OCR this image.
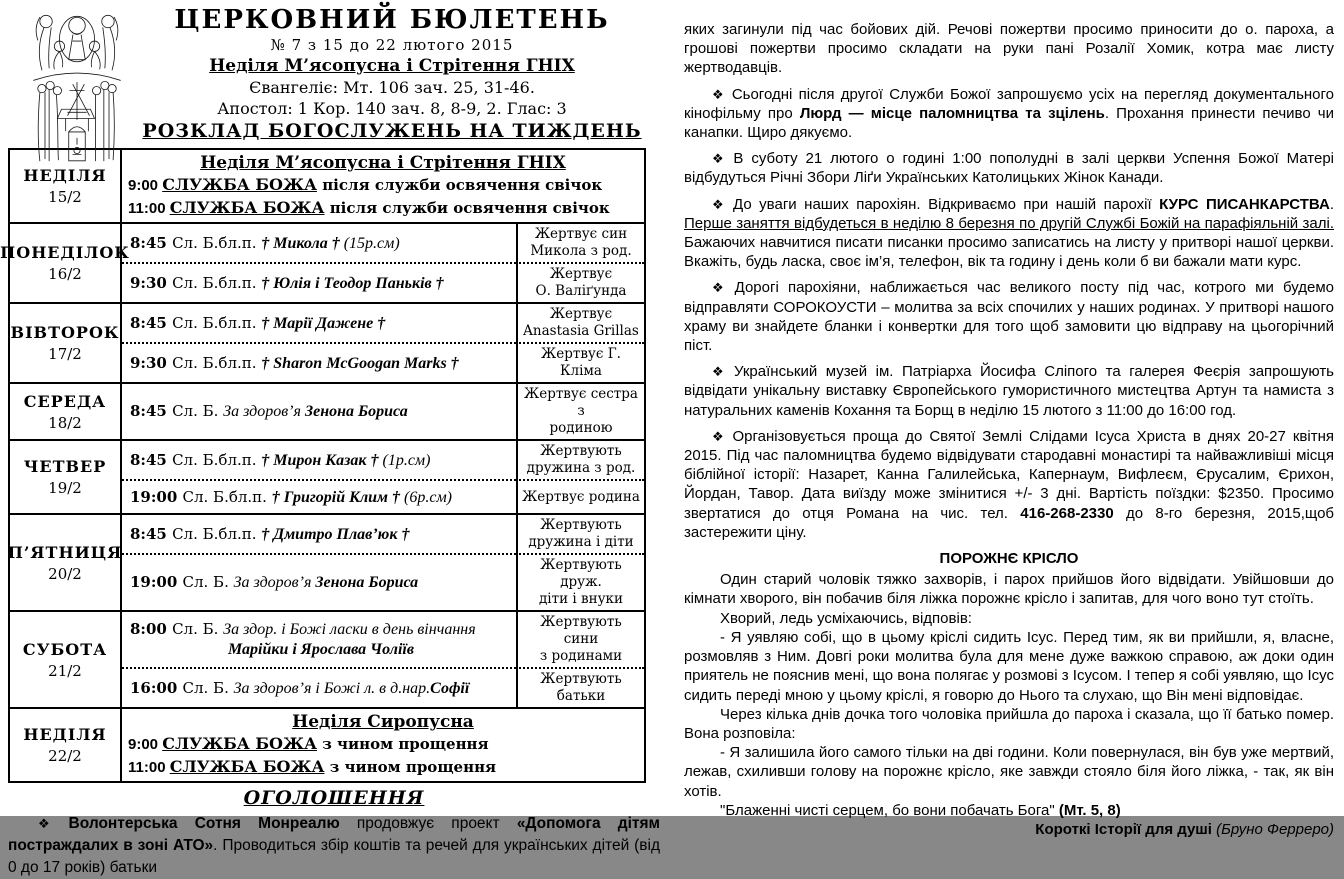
ЦЕРКОВНИЙ БЮЛЕТЕНЬ
№ 7 з 15 до 22 лютого 2015
Неділя М’ясопусна і Стрітення ГНІХ
Євангеліє: Мт. 106 зач. 25, 31-46.
Апостол: 1 Кор. 140 зач. 8, 8-9, 2. Глас: 3
РОЗКЛАД БОГОСЛУЖЕНЬ НА ТИЖДЕНЬ
НЕДІЛЯ
15/2
Неділя М’ясопусна і Стрітення ГНІХ
9:00 СЛУЖБА БОЖА після служби освячення свічок
11:00 СЛУЖБА БОЖА після служби освячення свічок
ПОНЕДІЛОК
16/2
8:45 Сл. Б.бл.п. † Микола † (15р.см)
Жертвує син
Микола з род.
9:30 Сл. Б.бл.п. † Юлія і Теодор Паньків †
Жертвує
О. Валіґунда
ВІВТОРОК
17/2
8:45 Сл. Б.бл.п. † Марії Дажене †
Жертвує
Anastasia Grillas
9:30 Сл. Б.бл.п. † Sharon McGoogan Marks †
Жертвує Г. Кліма
СЕРЕДА
18/2
8:45 Сл. Б. За здоров’я Зенона Бориса
Жертвує сестра з
родиною
ЧЕТВЕР
19/2
8:45 Сл. Б.бл.п. † Мирон Казак † (1р.см)
Жертвують
дружина з род.
19:00 Сл. Б.бл.п. † Григорій Клим † (6р.см)	Жертвує родина
П’ЯТНИЦЯ
20/2
8:45 Сл. Б.бл.п. † Дмитро Плав’юк †
Жертвують
дружина і діти
19:00 Сл. Б. За здоров’я Зенона Бориса
Жертвують друж.
діти і внуки
СУБОТА
21/2
8:00 Сл. Б. За здор. і Божі ласки в день вінчання
Марійки і Ярослава Чоліїв
Жертвують сини
з родинами
16:00 Сл. Б. За здоров’я і Божі л. в д.нар.Софії
Жертвують батьки
НЕДІЛЯ
22/2
Неділя Сиропусна
9:00 СЛУЖБА БОЖА з чином прощення
11:00 СЛУЖБА БОЖА з чином прощення
ОГОЛОШЕННЯ

❖ Волонтерська Сотня Монреалю продовжує проект «Допомога дітям постраждалих в зоні АТО». Проводиться збір коштів та речей для українських дітей (від 0 до 17 років) батьки

яких загинули під час бойових дій. Речові пожертви просимо приносити до о. пароха, а грошові пожертви просимо складати на руки пані Розалії Хомик, котра має листу жертводавців.

❖ Сьогодні після другої Служби Божої запрошуємо усіх на перегляд документального кінофільму про Люрд — місце паломництва та зцілень. Прохання принести печиво чи канапки. Щиро дякуємо.

❖ В суботу 21 лютого о годині 1:00 пополудні в залі церкви Успення Божої Матері відбудуться Річні Збори Ліґи Українських Католицьких Жінок Канади.

❖ До уваги наших парохіян. Відкриваємо при нашій парохії КУРС ПИСАНКАРСТВА. Перше заняття відбудеться в неділю 8 березня по другій Службі Божій на парафіяльній залі. Бажаючих навчитися писати писанки просимо записатись на листу у притворі нашої церкви. Вкажіть, будь ласка, своє ім’я, телефон, вік та годину і день коли б ви бажали мати курс.

❖ Дорогі парохіяни, наближається час великого посту під час, котрого ми будемо відправляти СОРОКОУСТИ – молитва за всіх спочилих у наших родинах. У притворі нашого храму ви знайдете бланки і конвертки для того щоб замовити цю відправу на цьогорічний піст.

❖ Український музей ім. Патріарха Йосифа Сліпого та галерея Феєрія запрошують відвідати унікальну виставку Європейського гумористичного мистецтва Артун та намиста з натуральних каменів Кохання та Борщ в неділю 15 лютого з 11:00 до 16:00 год.

❖ Організовується проща до Святої Землі Слідами Ісуса Христа в днях 20-27 квітня 2015. Під час паломництва будемо відвідувати стародавні монастирі та найважливіші місця біблійної історії: Назарет, Канна Галилейська, Капернаум, Вифлеєм, Єрусалим, Єрихон, Йордан, Тавор. Дата виїзду може змінитися +/- 3 дні. Вартість поїздки: $2350. Просимо звертатися до отця Романа на чис. тел. 416-268-2330 до 8-го березня, 2015,щоб застережити ціну.

ПОРОЖНЄ КРІСЛО

Один старий чоловік тяжко захворів, і парох прийшов його відвідати. Увійшовши до кімнати хворого, він побачив біля ліжка порожнє крісло і запитав, для чого воно тут стоїть.

Хворий, ледь усміхаючись, відповів:

- Я уявляю собі, що в цьому кріслі сидить Ісус. Перед тим, як ви прийшли, я, власне, розмовляв з Ним. Довгі роки молитва була для мене дуже важкою справою, аж доки один приятель не пояснив мені, що вона полягає у розмові з Ісусом. І тепер я собі уявляю, що Ісус сидить переді мною у цьому кріслі, я говорю до Нього та слухаю, що Він мені відповідає.

Через кілька днів дочка того чоловіка прийшла до пароха і сказала, що її батько помер. Вона розповіла:

- Я залишила його самого тільки на дві години. Коли повернулася, він був уже мертвий, лежав, схиливши голову на порожнє крісло, яке завжди стояло біля його ліжка, - так, як він хотів.

"Блаженні чисті серцем, бо вони побачать Бога" (Мт. 5, 8)

Короткі Історії для душі (Бруно Ферреро)
